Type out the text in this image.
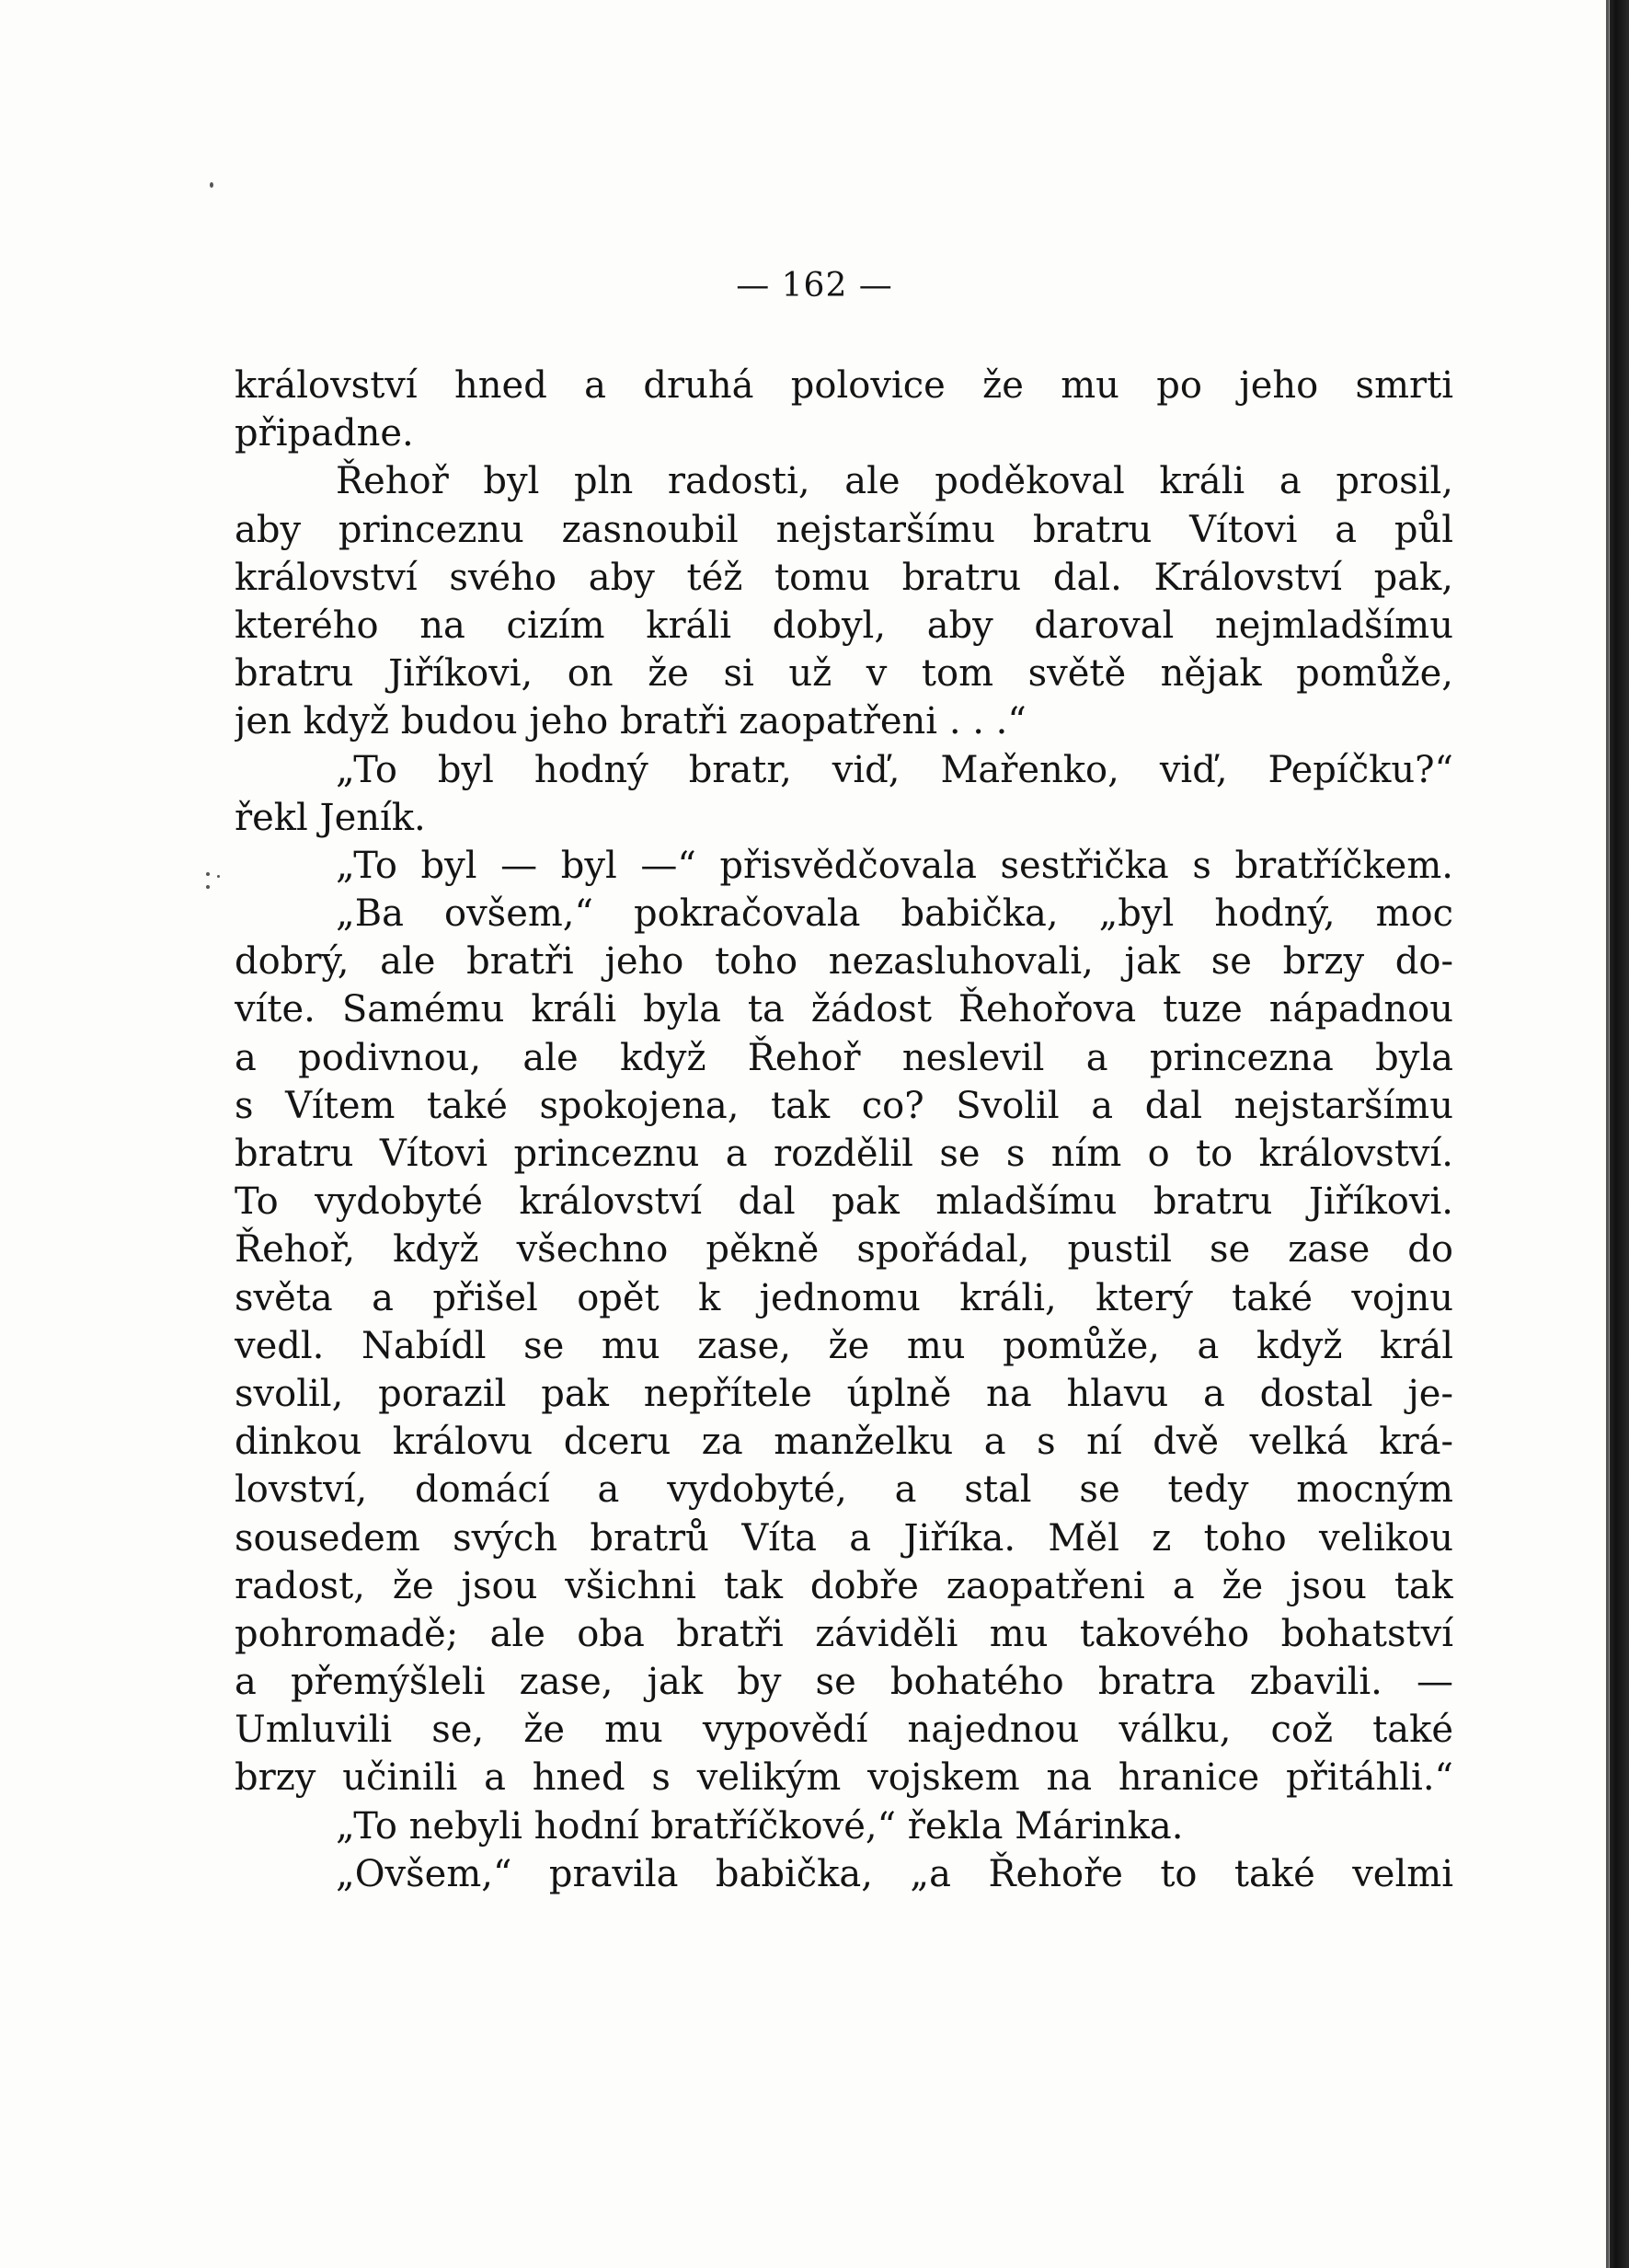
— 162 —
království hned a druhá polovice že mu po jeho smrti
připadne.
Řehoř byl pln radosti, ale poděkoval králi a prosil,
aby princeznu zasnoubil nejstaršímu bratru Vítovi a půl
království svého aby též tomu bratru dal. Království pak,
kterého na cizím králi dobyl, aby daroval nejmladšímu
bratru Jiříkovi, on že si už v tom světě nějak pomůže,
jen když budou jeho bratři zaopatřeni . . .“
„To byl hodný bratr, viď, Mařenko, viď, Pepíčku?“
řekl Jeník.
„To byl — byl —“ přisvědčovala sestřička s bratříčkem.
„Ba ovšem,“ pokračovala babička, „byl hodný, moc
dobrý, ale bratři jeho toho nezasluhovali, jak se brzy do-
víte. Samému králi byla ta žádost Řehořova tuze nápadnou
a podivnou, ale když Řehoř neslevil a princezna byla
s Vítem také spokojena, tak co? Svolil a dal nejstaršímu
bratru Vítovi princeznu a rozdělil se s ním o to království.
To vydobyté království dal pak mladšímu bratru Jiříkovi.
Řehoř, když všechno pěkně spořádal, pustil se zase do
světa a přišel opět k jednomu králi, který také vojnu
vedl. Nabídl se mu zase, že mu pomůže, a když král
svolil, porazil pak nepřítele úplně na hlavu a dostal je-
dinkou královu dceru za manželku a s ní dvě velká krá-
lovství, domácí a vydobyté, a stal se tedy mocným
sousedem svých bratrů Víta a Jiříka. Měl z toho velikou
radost, že jsou všichni tak dobře zaopatřeni a že jsou tak
pohromadě; ale oba bratři záviděli mu takového bohatství
a přemýšleli zase, jak by se bohatého bratra zbavili. —
Umluvili se, že mu vypovědí najednou válku, což také
brzy učinili a hned s velikým vojskem na hranice přitáhli.“
„To nebyli hodní bratříčkové,“ řekla Márinka.
„Ovšem,“ pravila babička, „a Řehoře to také velmi
